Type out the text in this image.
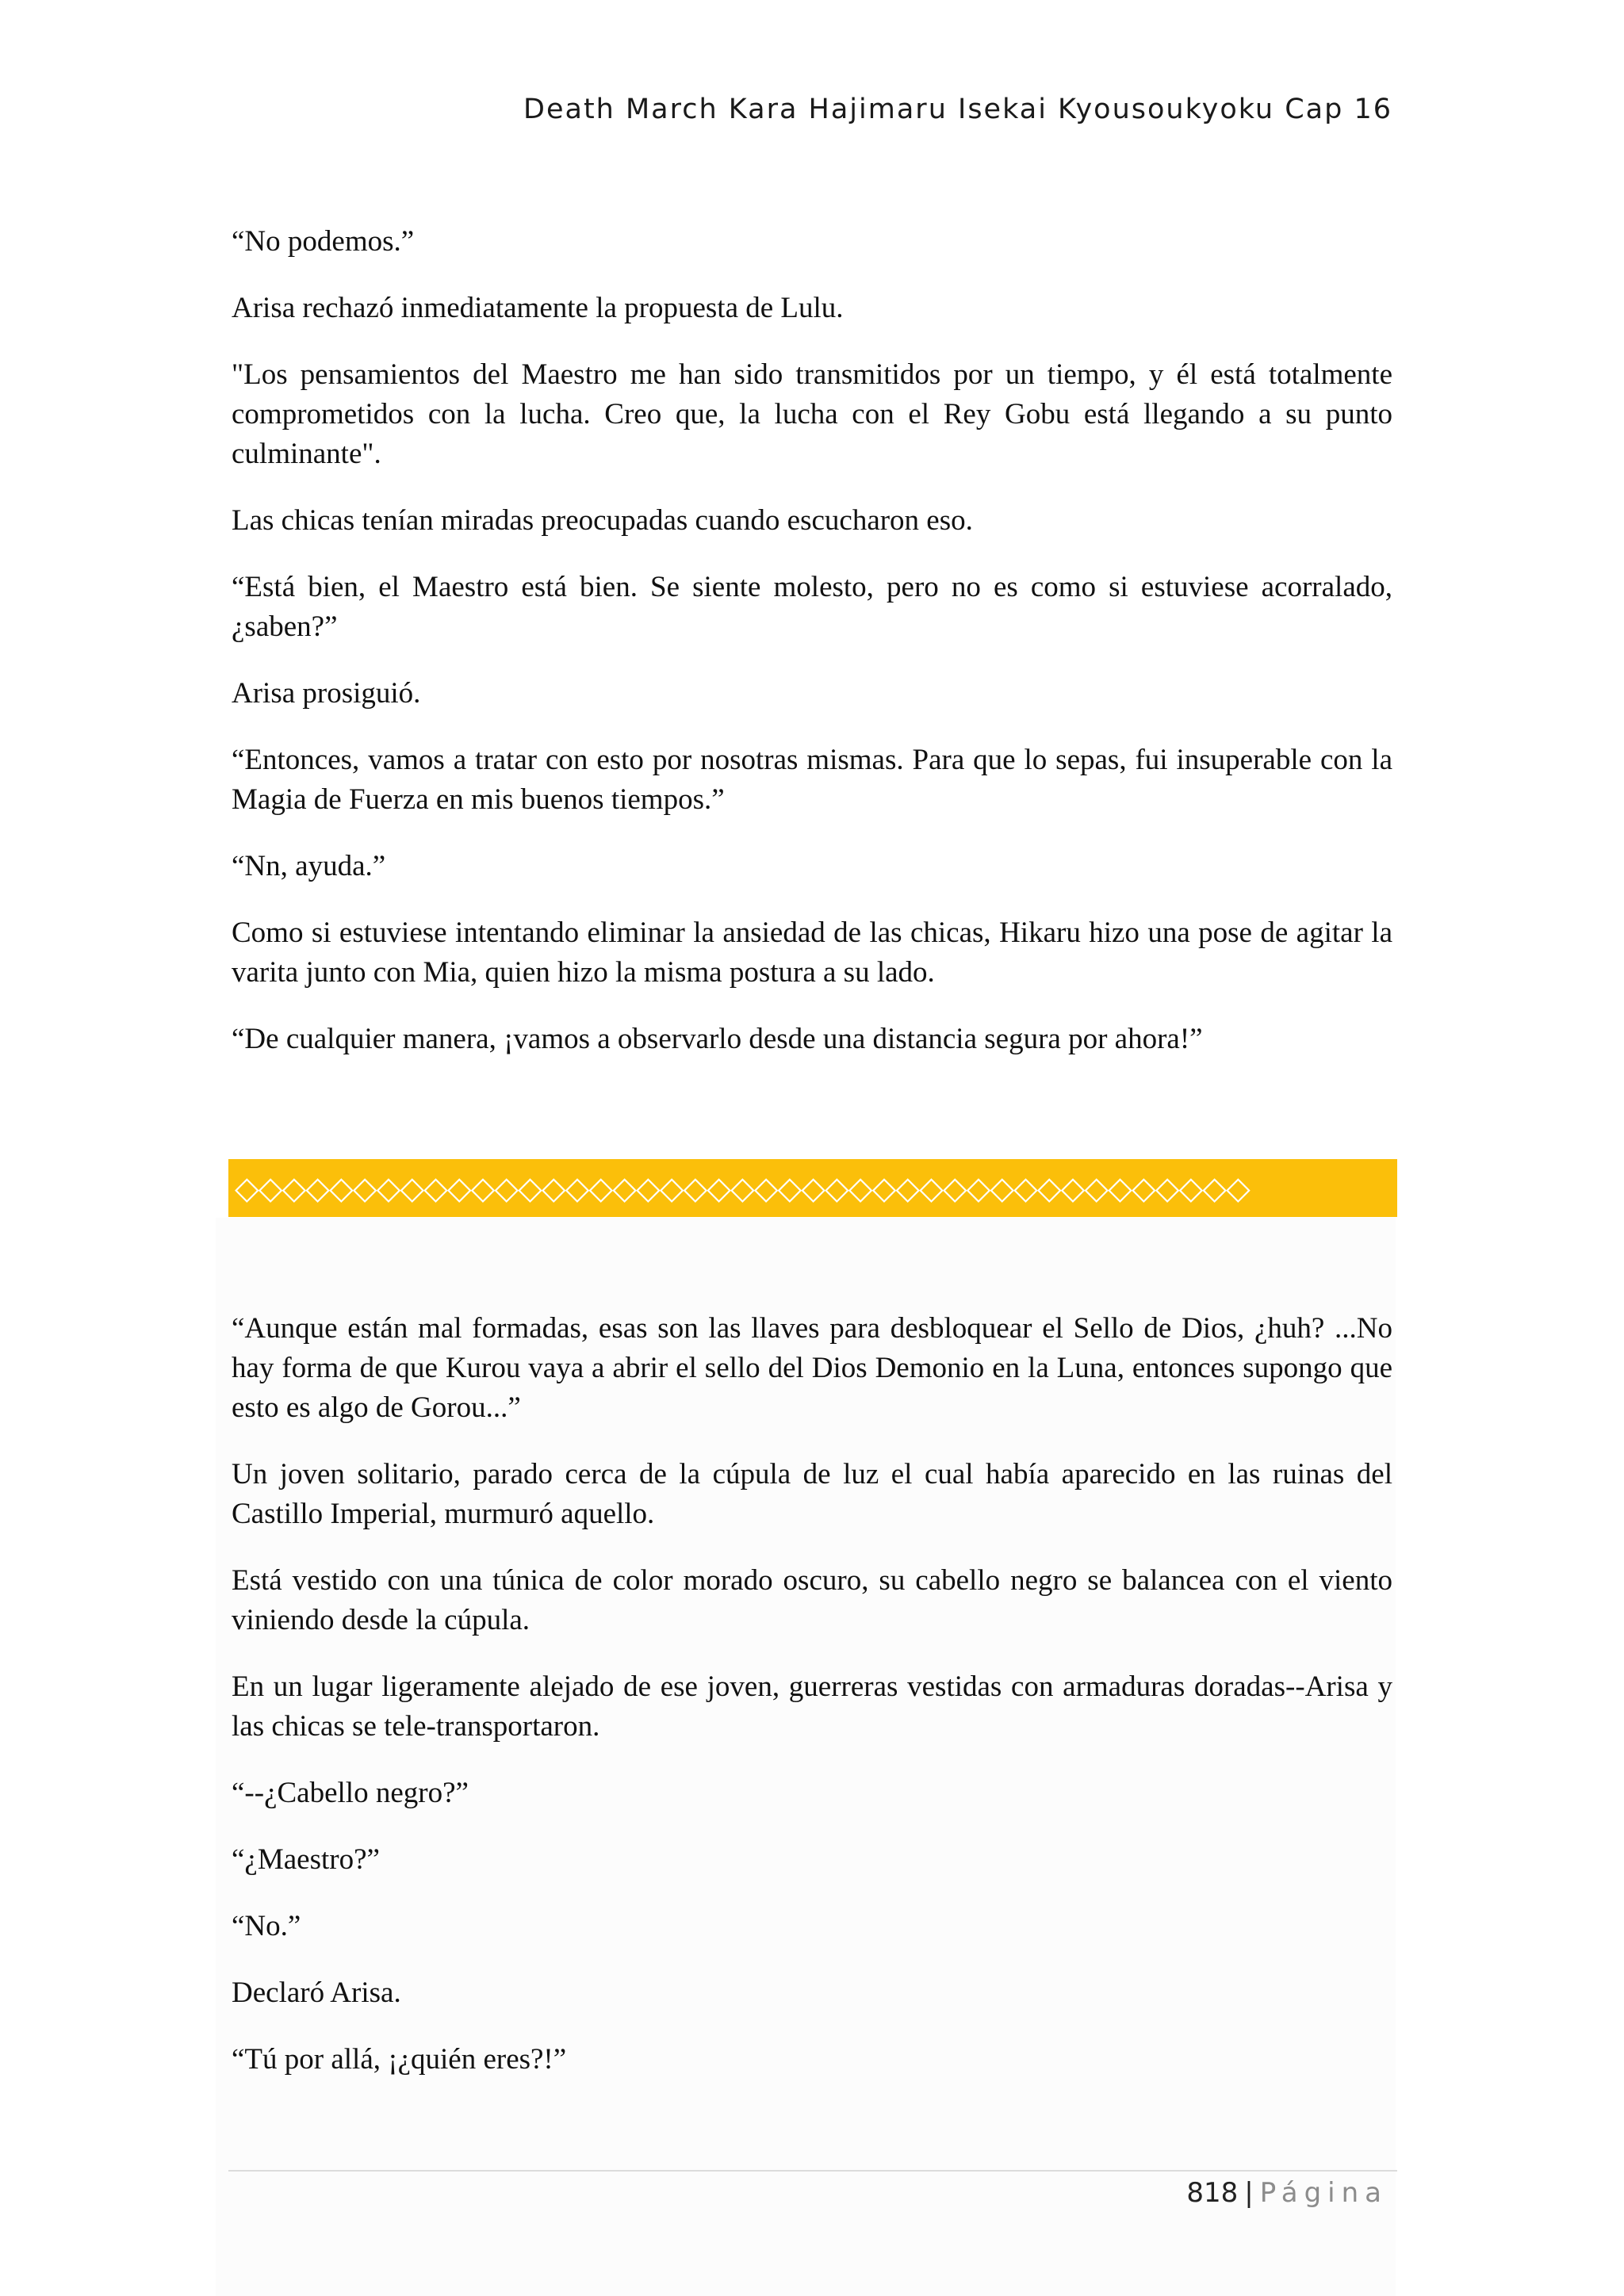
Death March Kara Hajimaru Isekai Kyousoukyoku Cap 16

“No podemos.”

Arisa rechazó inmediatamente la propuesta de Lulu.

"Los pensamientos del Maestro me han sido transmitidos por un tiempo, y él está totalmente comprometidos con la lucha. Creo que, la lucha con el Rey Gobu está llegando a su punto culminante".

Las chicas tenían miradas preocupadas cuando escucharon eso.

“Está bien, el Maestro está bien. Se siente molesto, pero no es como si estuviese acorralado, ¿saben?”

Arisa prosiguió.

“Entonces, vamos a tratar con esto por nosotras mismas. Para que lo sepas, fui insuperable con la Magia de Fuerza en mis buenos tiempos.”

“Nn, ayuda.”

Como si estuviese intentando eliminar la ansiedad de las chicas, Hikaru hizo una pose de agitar la varita junto con Mia, quien hizo la misma postura a su lado.

“De cualquier manera, ¡vamos a observarlo desde una distancia segura por ahora!”

◇◇◇◇◇◇◇◇◇◇◇◇◇◇◇◇◇◇◇◇◇◇◇◇◇◇◇◇◇◇◇◇◇◇◇◇◇◇◇◇◇◇◇

“Aunque están mal formadas, esas son las llaves para desbloquear el Sello de Dios, ¿huh? ...No hay forma de que Kurou vaya a abrir el sello del Dios Demonio en la Luna, entonces supongo que esto es algo de Gorou...”

Un joven solitario, parado cerca de la cúpula de luz el cual había aparecido en las ruinas del Castillo Imperial, murmuró aquello.

Está vestido con una túnica de color morado oscuro, su cabello negro se balancea con el viento viniendo desde la cúpula.

En un lugar ligeramente alejado de ese joven, guerreras vestidas con armaduras doradas--Arisa y las chicas se tele-transportaron.

“--¿Cabello negro?”

“¿Maestro?”

“No.”

Declaró Arisa.

“Tú por allá, ¡¿quién eres?!”

818 | Página
